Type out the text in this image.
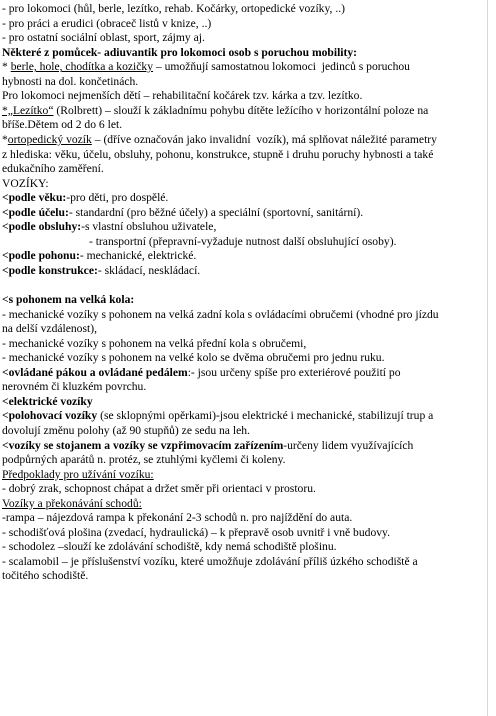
- pro lokomoci (hůl, berle, lezítko, rehab. Kočárky, ortopedické vozíky, ..)
- pro práci a erudici (obraceč listů v knize, ..)
- pro ostatní sociální oblast, sport, zájmy aj.
Některé z pomůcek- adiuvantik pro lokomoci osob s poruchou mobility:
* berle, hole, chodítka a kozičky – umožňují samostatnou lokomoci  jedinců s poruchou
hybnosti na dol. končetinách.
Pro lokomoci nejmenších dětí – rehabilitační kočárek tzv. kárka a tzv. lezítko.
*„Lezítko“ (Rolbrett) – slouží k základnímu pohybu dítěte ležícího v horizontální poloze na
bříše.Dětem od 2 do 6 let.
*ortopedický vozík – (dříve označován jako invalidní  vozík), má splňovat náležité parametry
z hlediska: věku, účelu, obsluhy, pohonu, konstrukce, stupně i druhu poruchy hybnosti a také
edukačního zaměření.
VOZÍKY:
<podle věku:-pro děti, pro dospělé.
<podle účelu:- standardní (pro běžné účely) a speciální (sportovní, sanitární).
<podle obsluhy:-s vlastní obsluhou uživatele,
- transportní (přepravní-vyžaduje nutnost další obsluhující osoby).
<podle pohonu:- mechanické, elektrické.
<podle konstrukce:- skládací, neskládací.
<s pohonem na velká kola:
- mechanické vozíky s pohonem na velká zadní kola s ovládacími obručemi (vhodné pro jízdu
na delší vzdálenost),
- mechanické vozíky s pohonem na velká přední kola s obručemi,
- mechanické vozíky s pohonem na velké kolo se dvěma obručemi pro jednu ruku.
<ovládané pákou a ovládané pedálem:- jsou určeny spíše pro exteriérové použití po
nerovném či klu​zkém povrchu.
<elektrické vozíky
<polohovací vozíky (se sklopnými opěrkami)-jsou elektrické i mechanické, stabilizují trup a
dovolují změnu polohy (až 90 stupňů) ze sedu na leh.
<vozíky se stojanem a vozíky se vzpřimovacím zařízením-určeny lidem využívajících
podpůrných aparátů n. protéz, se ztuhlými kyčlemi či koleny.
Předpoklady pro užívání vozíku:
- dobrý zrak, schopnost chápat a držet směr při orientaci v prostoru.
Vozíky a překonávání schodů:
-rampa – nájezdová rampa k překonání 2-3 schodů n. pro najíždění do auta.
- schodišťová plošina (zvedací, hydraulická) – k přepravě osob uvnitř i vně budovy.
- schodolez –slouží ke zdolávání schodiště, kdy nemá schodiště plošinu.
- scalamobil – je příslušenství vozíku, které umožňuje zdolávání příliš úzkého schodiště a
točitého schodiště.
